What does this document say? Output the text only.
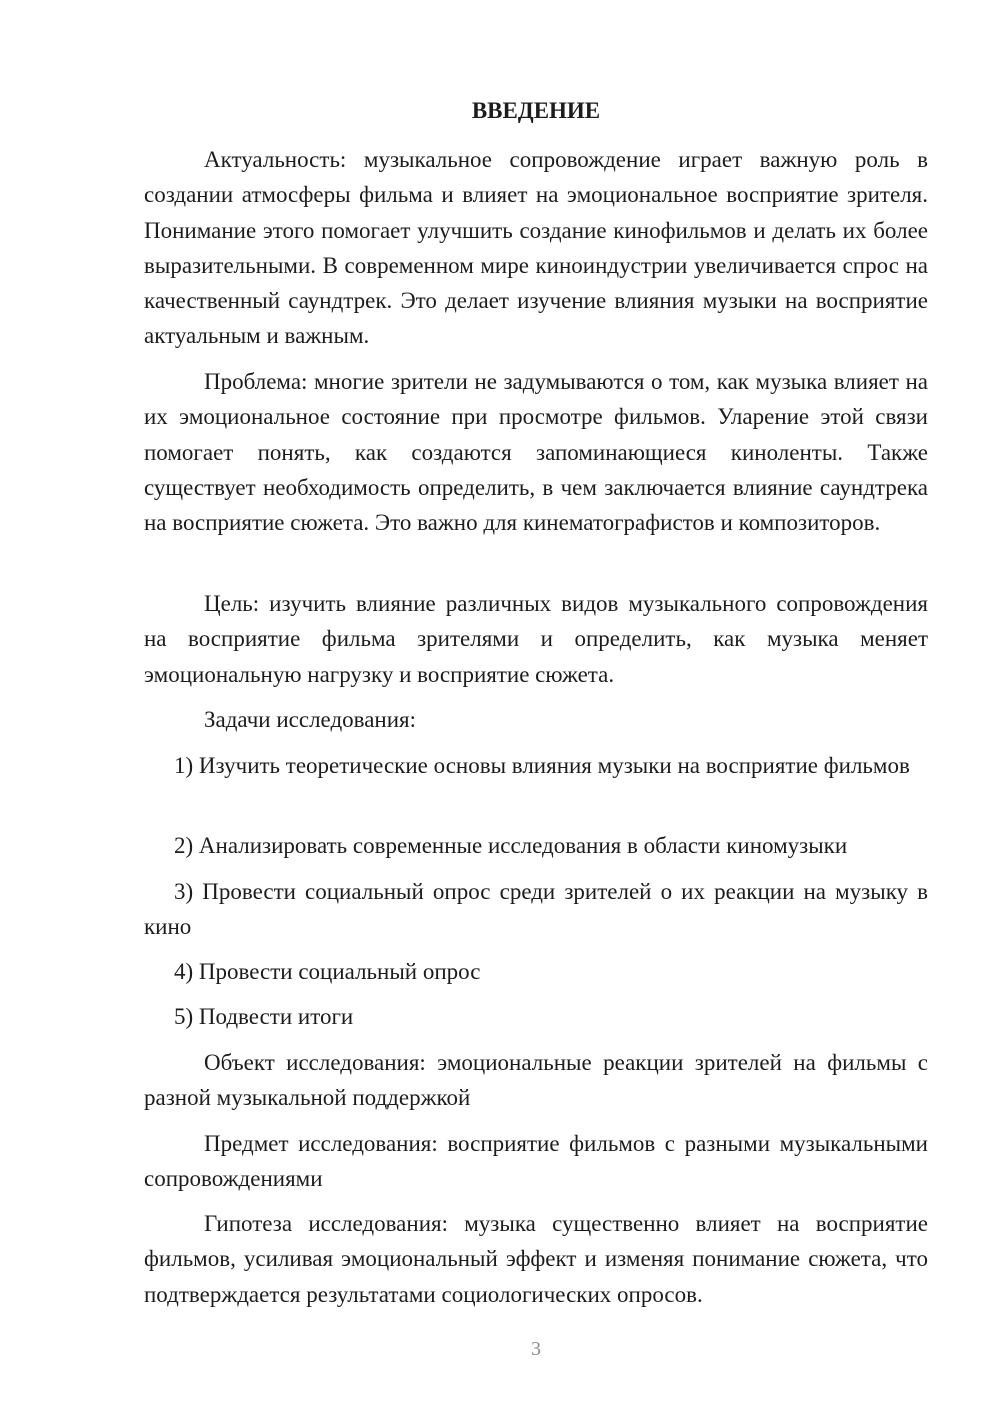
ВВЕДЕНИЕ

Актуальность: музыкальное сопровождение играет важную роль в создании атмосферы фильма и влияет на эмоциональное восприятие зрителя. Понимание этого помогает улучшить создание кинофильмов и делать их более выразительными. В современном мире киноиндустрии увеличивается спрос на качественный саундтрек. Это делает изучение влияния музыки на восприятие актуальным и важным.

Проблема: многие зрители не задумываются о том, как музыка влияет на их эмоциональное состояние при просмотре фильмов. Уларение этой связи помогает понять, как создаются запоминающиеся киноленты. Также существует необходимость определить, в чем заключается влияние саундтрека на восприятие сюжета. Это важно для кинематографистов и композиторов.

Цель: изучить влияние различных видов музыкального сопровождения на восприятие фильма зрителями и определить, как музыка меняет эмоциональную нагрузку и восприятие сюжета.

Задачи исследования:

1) Изучить теоретические основы влияния музыки на восприятие фильмов

2) Анализировать современные исследования в области киномузыки

3) Провести социальный опрос среди зрителей о их реакции на музыку в кино

4) Провести социальный опрос

5) Подвести итоги

Объект исследования: эмоциональные реакции зрителей на фильмы с разной музыкальной поддержкой

Предмет исследования: восприятие фильмов с разными музыкальными сопровождениями

Гипотеза исследования: музыка существенно влияет на восприятие фильмов, усиливая эмоциональный эффект и изменяя понимание сюжета, что подтверждается результатами социологических опросов.

3
